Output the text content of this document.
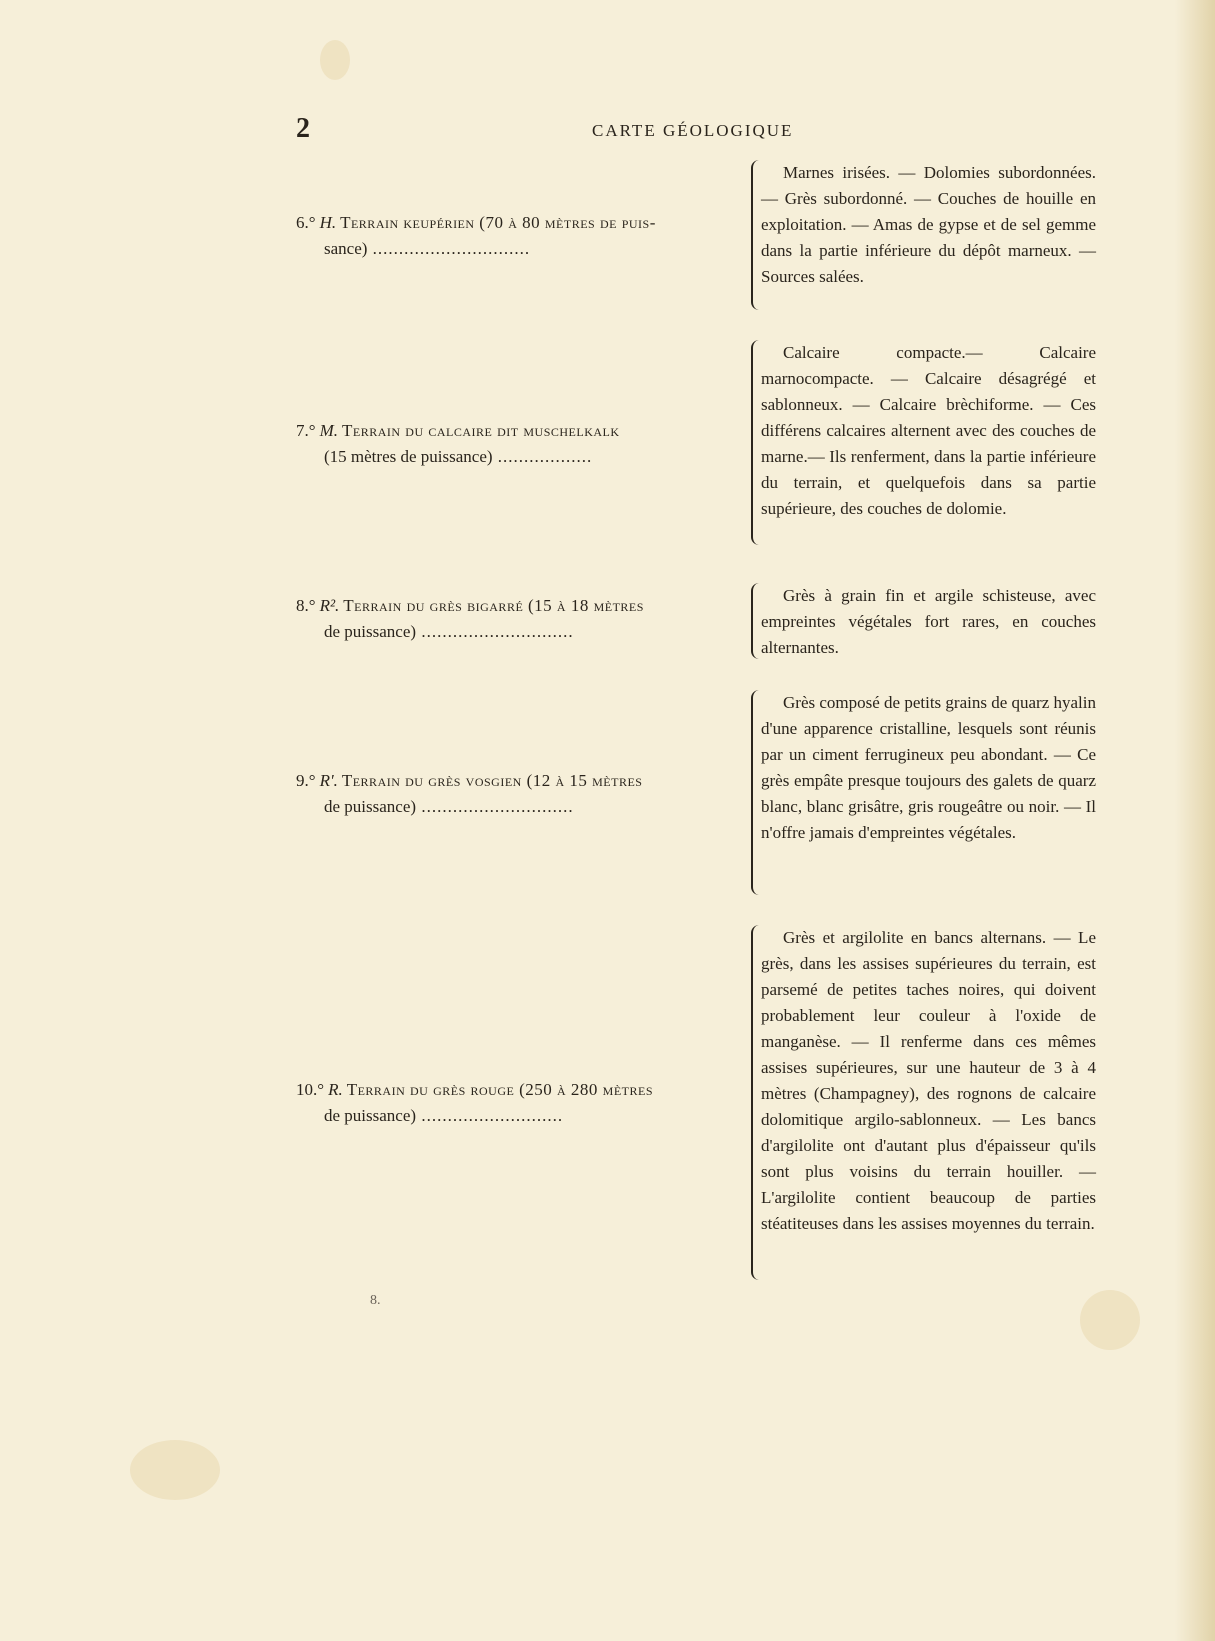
2	CARTE GÉOLOGIQUE
6.° H. Terrain keupérien (70 à 80 mètres de puis-
sance) ..............................
Marnes irisées. — Dolomies subordonnées. — Grès subordonné. — Couches de houille en exploitation. — Amas de gypse et de sel gemme dans la partie inférieure du dépôt marneux. — Sources salées.
7.° M. Terrain du calcaire dit muschelkalk
(15 mètres de puissance) ..................
Calcaire compacte.— Calcaire marnocompacte. — Calcaire désagrégé et sablonneux. — Calcaire brèchiforme. — Ces différens calcaires alternent avec des couches de marne.— Ils renferment, dans la partie inférieure du terrain, et quelquefois dans sa partie supérieure, des couches de dolomie.
8.° R². Terrain du grès bigarré (15 à 18 mètres
de puissance) .............................
Grès à grain fin et argile schisteuse, avec empreintes végétales fort rares, en couches alternantes.
9.° R'. Terrain du grès vosgien (12 à 15 mètres
de puissance) .............................
Grès composé de petits grains de quarz hyalin d'une apparence cristalline, lesquels sont réunis par un ciment ferrugineux peu abondant. — Ce grès empâte presque toujours des galets de quarz blanc, blanc grisâtre, gris rougeâtre ou noir. — Il n'offre jamais d'empreintes végétales.
10.° R. Terrain du grès rouge (250 à 280 mètres
de puissance) ...........................
Grès et argilolite en bancs alternans. — Le grès, dans les assises supérieures du terrain, est parsemé de petites taches noires, qui doivent probablement leur couleur à l'oxide de manganèse. — Il renferme dans ces mêmes assises supérieures, sur une hauteur de 3 à 4 mètres (Champagney), des rognons de calcaire dolomitique argilo-sablonneux. — Les bancs d'argilolite ont d'autant plus d'épaisseur qu'ils sont plus voisins du terrain houiller. — L'argilolite contient beaucoup de parties stéatiteuses dans les assises moyennes du terrain.
8.
